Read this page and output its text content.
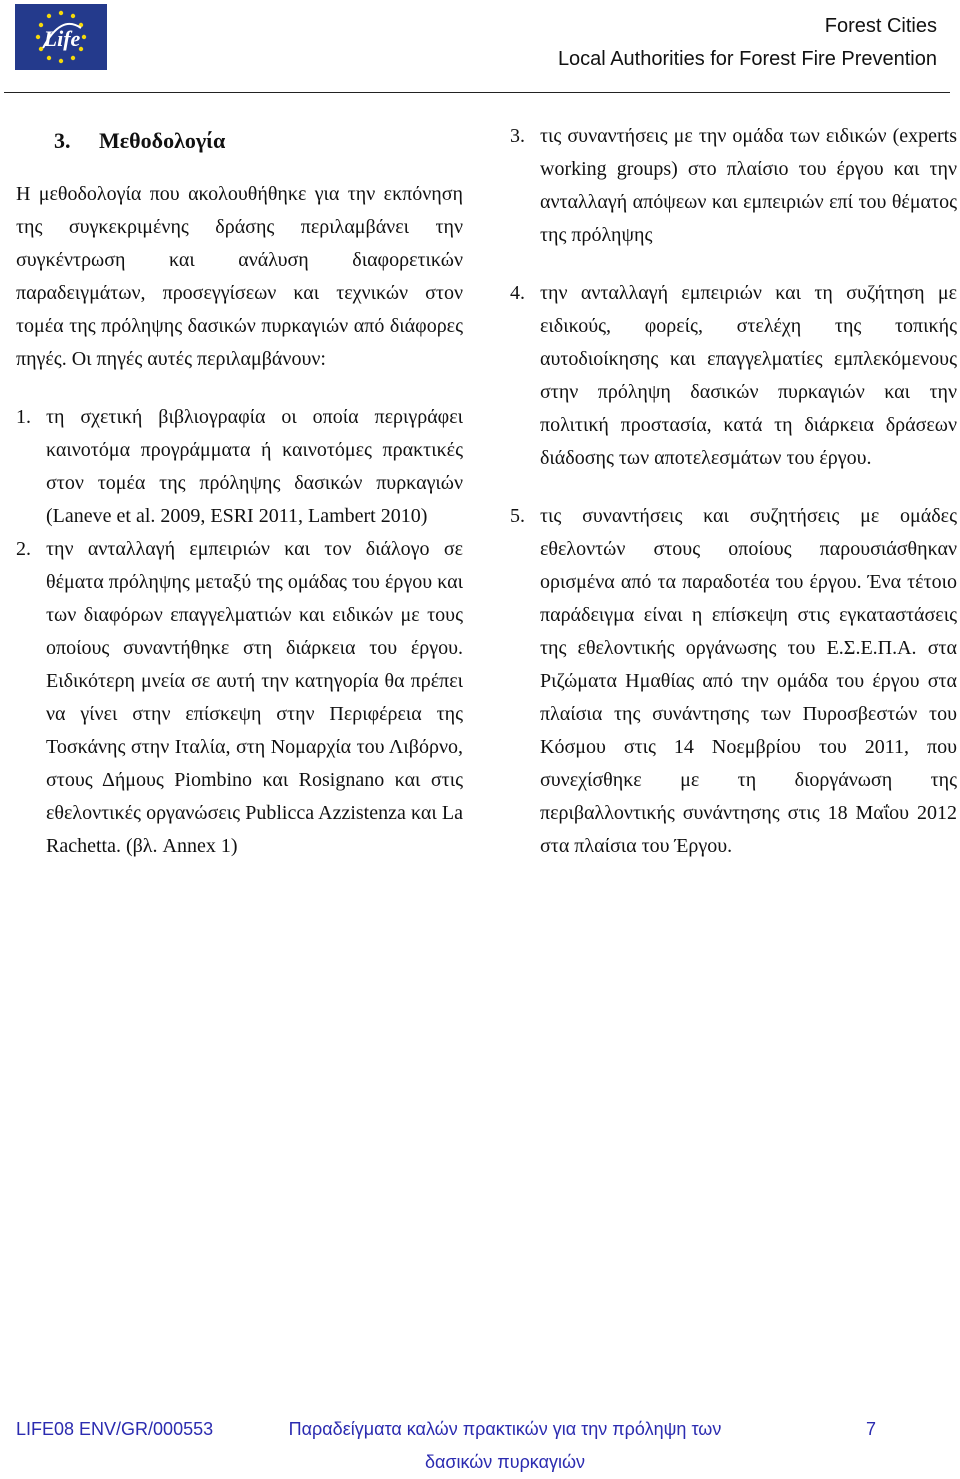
Life	Forest Cities
Local Authorities for Forest Fire Prevention
3. Μεθοδολογία

Η μεθοδολογία που ακολουθήθηκε για την εκπόνηση της συγκεκριμένης δράσης περιλαμβάνει την συγκέντρωση και ανάλυση διαφορετικών παραδειγμάτων, προσεγγίσεων και τεχνικών στον τομέα της πρόληψης δασικών πυρκαγιών από διάφορες πηγές. Οι πηγές αυτές περιλαμβάνουν:

1. τη σχετική βιβλιογραφία οι οποία περιγράφει καινοτόμα προγράμματα ή καινοτόμες πρακτικές στον τομέα της πρόληψης δασικών πυρκαγιών (Laneve et al. 2009, ESRI 2011, Lambert 2010)
2. την ανταλλαγή εμπειριών και τον διάλογο σε θέματα πρόληψης μεταξύ της ομάδας του έργου και των διαφόρων επαγγελματιών και ειδικών με τους οποίους συναντήθηκε στη διάρκεια του έργου. Ειδικότερη μνεία σε αυτή την κατηγορία θα πρέπει να γίνει στην επίσκεψη στην Περιφέρεια της Τοσκάνης στην Ιταλία, στη Νομαρχία του Λιβόρνο, στους Δήμους Piombino και Rosignano και στις εθελοντικές οργανώσεις Publicca Azzistenza και La Rachetta. (βλ. Annex 1)
3. τις συναντήσεις με την ομάδα των ειδικών (experts working groups) στο πλαίσιο του έργου και την ανταλλαγή απόψεων και εμπειριών επί του θέματος της πρόληψης
4. την ανταλλαγή εμπειριών και τη συζήτηση με ειδικούς, φορείς, στελέχη της τοπικής αυτοδιοίκησης και επαγγελματίες εμπλεκόμενους στην πρόληψη δασικών πυρκαγιών και την πολιτική προστασία, κατά τη διάρκεια δράσεων διάδοσης των αποτελεσμάτων του έργου.
5. τις συναντήσεις και συζητήσεις με ομάδες εθελοντών στους οποίους παρουσιάσθηκαν ορισμένα από τα παραδοτέα του έργου. Ένα τέτοιο παράδειγμα είναι η επίσκεψη στις εγκαταστάσεις της εθελοντικής οργάνωσης του Ε.Σ.Ε.Π.Α. στα Ριζώματα Ημαθίας από την ομάδα του έργου στα πλαίσια της συνάντησης των Πυροσβεστών του Κόσμου στις 14 Νοεμβρίου του 2011, που συνεχίσθηκε με τη διοργάνωση της περιβαλλοντικής συνάντησης στις 18 Μαΐου 2012 στα πλαίσια του Έργου.
LIFE08 ENV/GR/000553	Παραδείγματα καλών πρακτικών για την πρόληψη των δασικών πυρκαγιών
7
